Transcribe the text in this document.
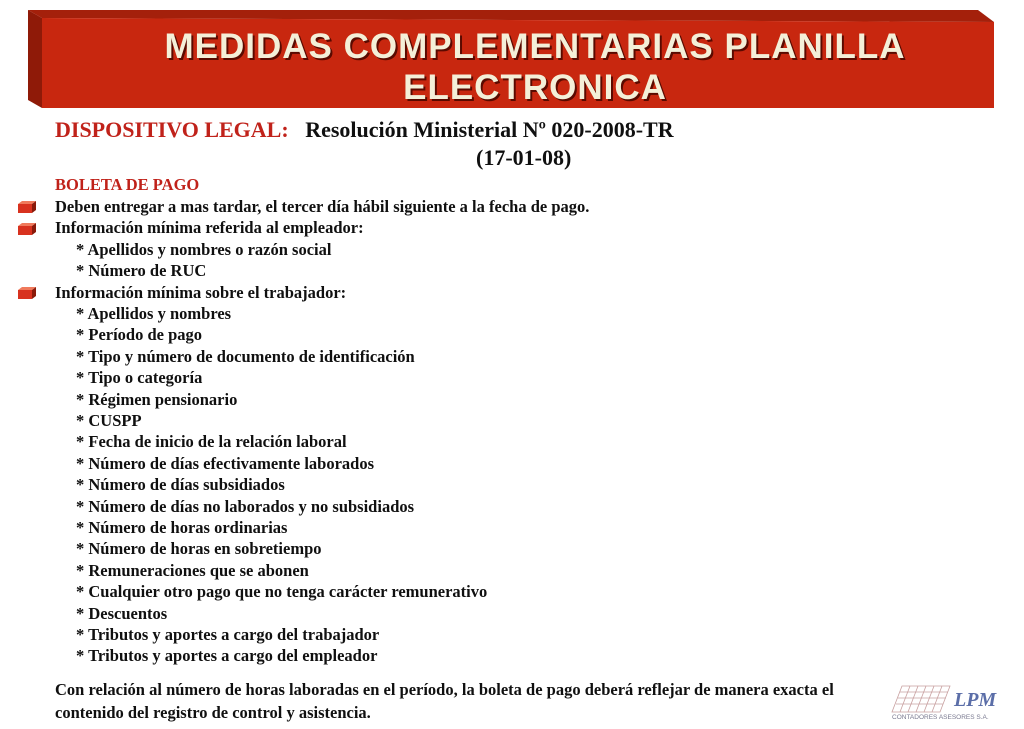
MEDIDAS COMPLEMENTARIAS PLANILLA ELECTRONICA
DISPOSITIVO LEGAL: Resolución Ministerial Nº 020-2008-TR
(17-01-08)
BOLETA DE PAGO
Deben entregar a mas tardar, el tercer día hábil siguiente a la fecha de pago.
Información mínima referida al empleador:
* Apellidos y nombres o razón social
* Número de RUC
Información mínima sobre el trabajador:
* Apellidos y nombres
* Período de pago
* Tipo y número de documento de identificación
* Tipo o categoría
* Régimen pensionario
* CUSPP
* Fecha de inicio de la relación laboral
* Número de días efectivamente laborados
* Número de días subsidiados
* Número de días no laborados y no subsidiados
* Número de horas ordinarias
* Número de horas en sobretiempo
* Remuneraciones que se abonen
* Cualquier otro pago que no tenga carácter remunerativo
* Descuentos
* Tributos y aportes a cargo del trabajador
* Tributos y aportes a cargo del empleador
Con relación al número de horas laboradas en el período, la boleta de pago deberá reflejar de manera exacta el contenido del registro de control y asistencia.
LPM
CONTADORES ASESORES S.A.
